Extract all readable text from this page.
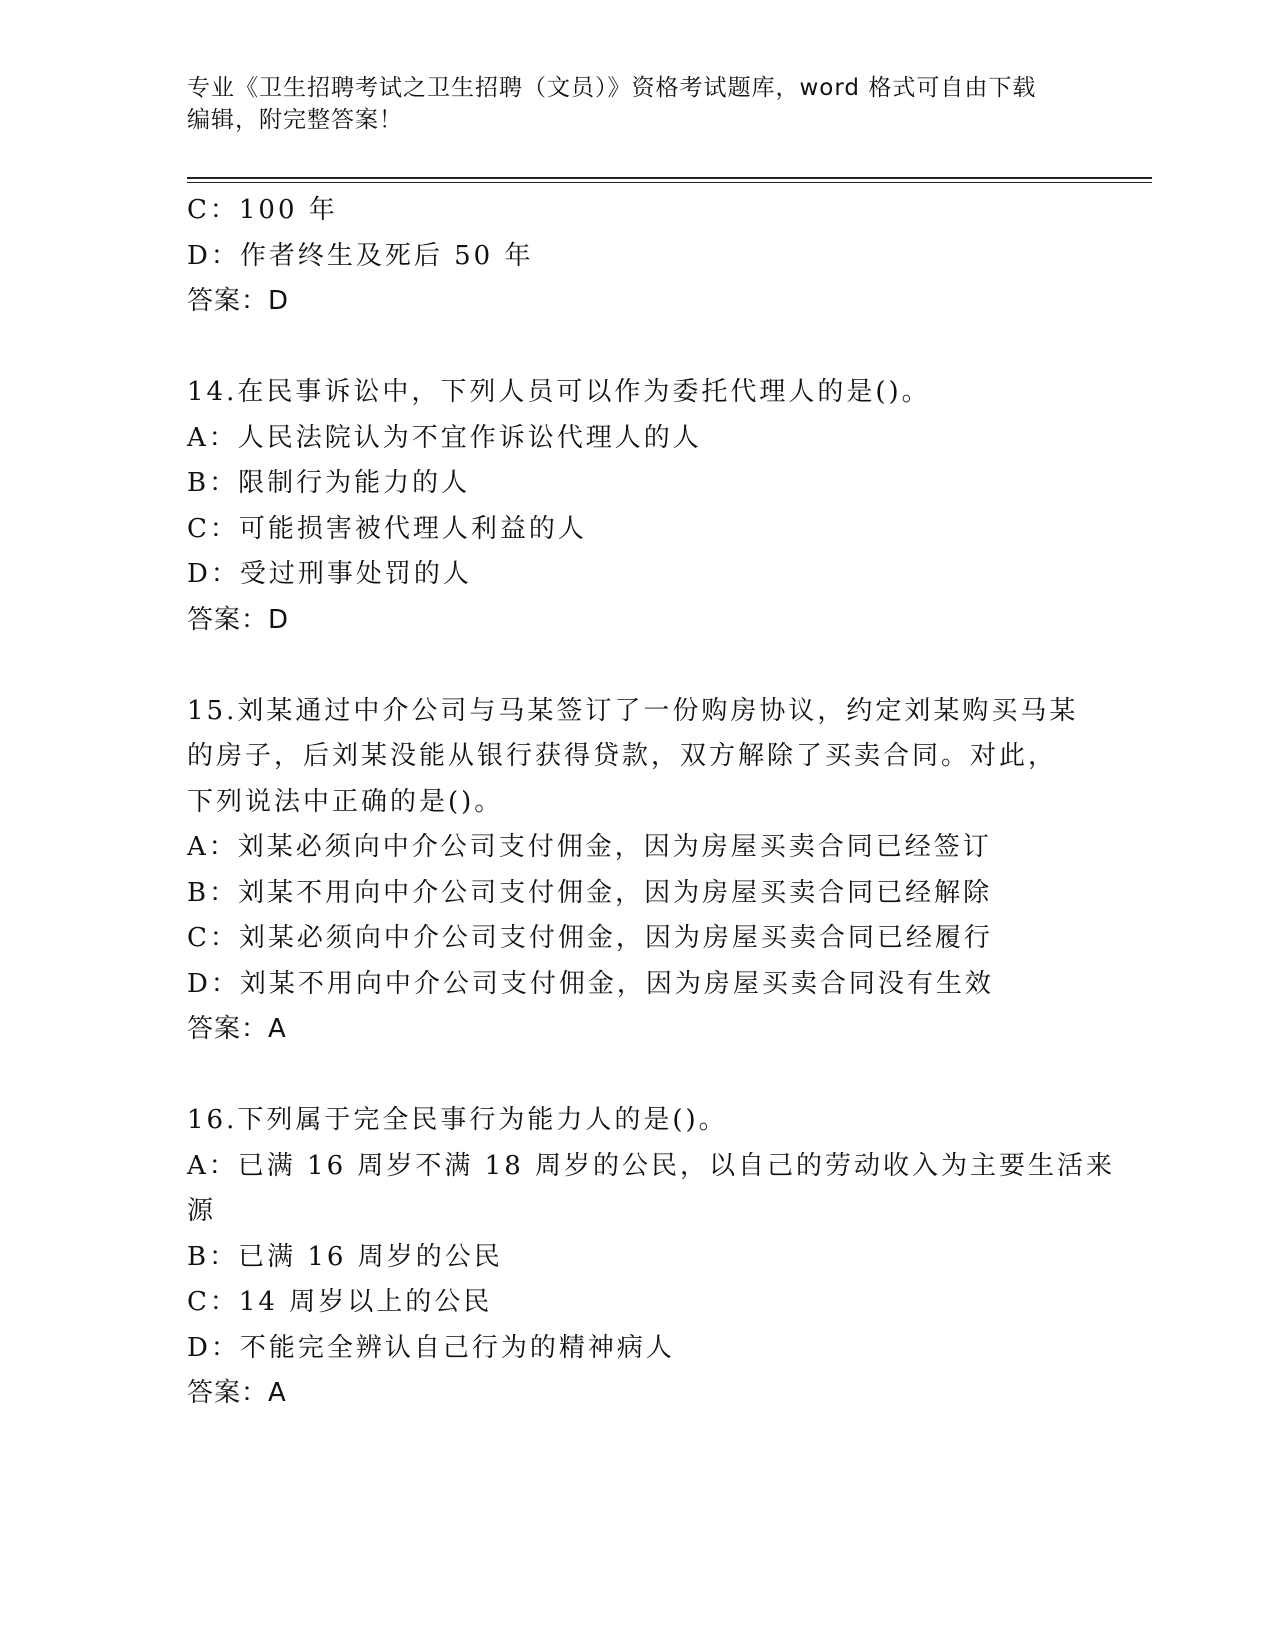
专业《卫生招聘考试之卫生招聘（文员）》资格考试题库，word 格式可自由下载
编辑，附完整答案！
C：100 年
D：作者终生及死后 50 年
答案：D
14.在民事诉讼中，下列人员可以作为委托代理人的是()。
A：人民法院认为不宜作诉讼代理人的人
B：限制行为能力的人
C：可能损害被代理人利益的人
D：受过刑事处罚的人
答案：D
15.刘某通过中介公司与马某签订了一份购房协议，约定刘某购买马某
的房子，后刘某没能从银行获得贷款，双方解除了买卖合同。对此，
下列说法中正确的是()。
A：刘某必须向中介公司支付佣金，因为房屋买卖合同已经签订
B：刘某不用向中介公司支付佣金，因为房屋买卖合同已经解除
C：刘某必须向中介公司支付佣金，因为房屋买卖合同已经履行
D：刘某不用向中介公司支付佣金，因为房屋买卖合同没有生效
答案：A
16.下列属于完全民事行为能力人的是()。
A：已满 16 周岁不满 18 周岁的公民，以自己的劳动收入为主要生活来
源
B：已满 16 周岁的公民
C：14 周岁以上的公民
D：不能完全辨认自己行为的精神病人
答案：A
